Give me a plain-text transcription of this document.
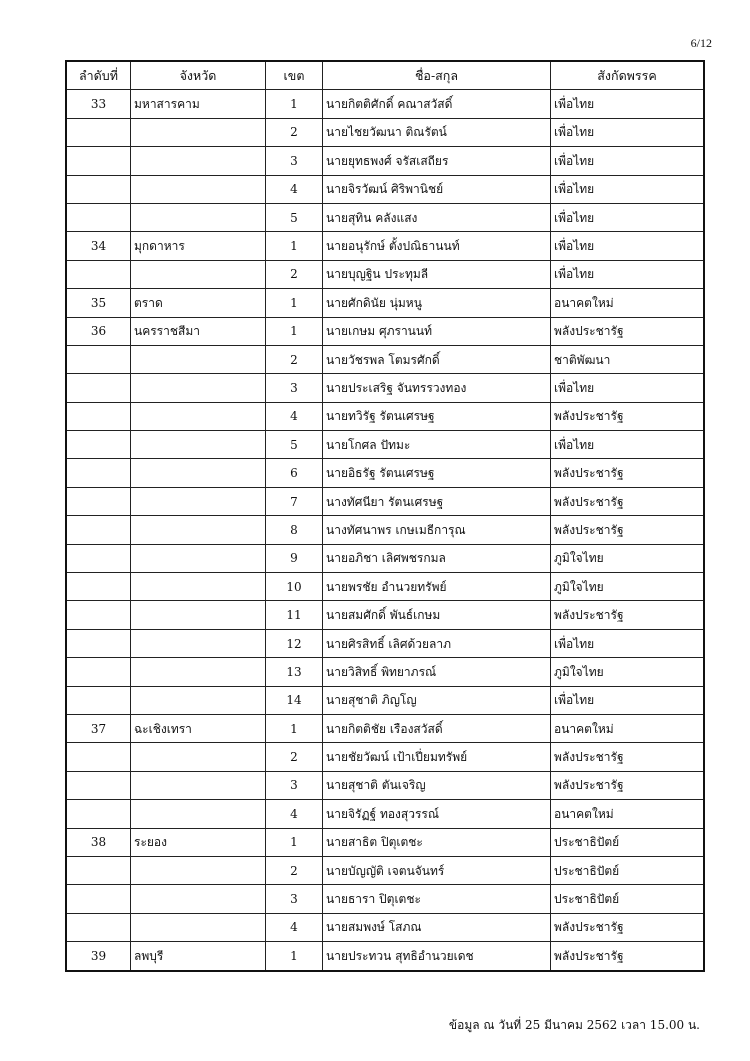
6/12
ลำดับที่	จังหวัด	เขต	ชื่อ-สกุล	สังกัดพรรค
33	มหาสารคาม	1	นายกิตติศักดิ์ คณาสวัสดิ์	เพื่อไทย
		2	นายไชยวัฒนา ติณรัตน์	เพื่อไทย
		3	นายยุทธพงศ์ จรัสเสถียร	เพื่อไทย
		4	นายจิรวัฒน์ ศิริพานิชย์	เพื่อไทย
		5	นายสุทิน คลังแสง	เพื่อไทย
34	มุกดาหาร	1	นายอนุรักษ์ ตั้งปณิธานนท์	เพื่อไทย
		2	นายบุญฐิน ประทุมลี	เพื่อไทย
35	ตราด	1	นายศักดินัย นุ่มหนู	อนาคตใหม่
36	นครราชสีมา	1	นายเกษม ศุภรานนท์	พลังประชารัฐ
		2	นายวัชรพล โตมรศักดิ์	ชาติพัฒนา
		3	นายประเสริฐ จันทรรวงทอง	เพื่อไทย
		4	นายทวิรัฐ รัตนเศรษฐ	พลังประชารัฐ
		5	นายโกศล ปัทมะ	เพื่อไทย
		6	นายอิธรัฐ รัตนเศรษฐ	พลังประชารัฐ
		7	นางทัศนียา รัตนเศรษฐ	พลังประชารัฐ
		8	นางทัศนาพร เกษเมธีการุณ	พลังประชารัฐ
		9	นายอภิชา เลิศพชรกมล	ภูมิใจไทย
		10	นายพรชัย อำนวยทรัพย์	ภูมิใจไทย
		11	นายสมศักดิ์ พันธ์เกษม	พลังประชารัฐ
		12	นายศิรสิทธิ์ เลิศด้วยลาภ	เพื่อไทย
		13	นายวิสิทธิ์ พิทยาภรณ์	ภูมิใจไทย
		14	นายสุชาติ ภิญโญ	เพื่อไทย
37	ฉะเชิงเทรา	1	นายกิตติชัย เรืองสวัสดิ์	อนาคตใหม่
		2	นายชัยวัฒน์ เป้าเปี่ยมทรัพย์	พลังประชารัฐ
		3	นายสุชาติ ตันเจริญ	พลังประชารัฐ
		4	นายจิรัฏฐ์ ทองสุวรรณ์	อนาคตใหม่
38	ระยอง	1	นายสาธิต ปิตุเตชะ	ประชาธิปัตย์
		2	นายบัญญัติ เจตนจันทร์	ประชาธิปัตย์
		3	นายธารา ปิตุเตชะ	ประชาธิปัตย์
		4	นายสมพงษ์ โสภณ	พลังประชารัฐ
39	ลพบุรี	1	นายประทวน สุทธิอำนวยเดช	พลังประชารัฐ
ข้อมูล ณ วันที่ 25 มีนาคม 2562 เวลา 15.00 น.
